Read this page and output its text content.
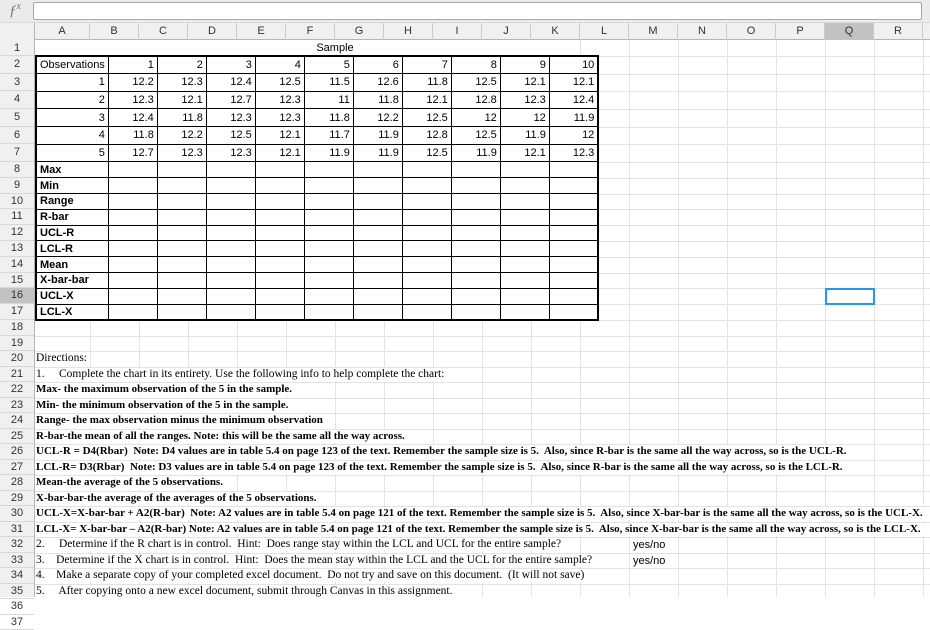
$ƒ^x$
A	B	C	D	E	F	G	H	I	J	K	L	M	N	O	P	Q	R
1
2
3
4
5
6
7
8
9
10
11
12
13
14
15
16
17
18
19
20
21
22
23
24
25
26
27
28
29
30
31
32
33
34
35
36
37
Sample
Observations	1	2	3	4	5	6	7	8	9	10
1	12.2	12.3	12.4	12.5	11.5	12.6	11.8	12.5	12.1	12.1
2	12.3	12.1	12.7	12.3	11	11.8	12.1	12.8	12.3	12.4
3	12.4	11.8	12.3	12.3	11.8	12.2	12.5	12	12	11.9
4	11.8	12.2	12.5	12.1	11.7	11.9	12.8	12.5	11.9	12
5	12.7	12.3	12.3	12.1	11.9	11.9	12.5	11.9	12.1	12.3
Max										
Min										
Range										
R-bar										
UCL-R										
LCL-R										
Mean										
X-bar-bar										
UCL-X										
LCL-X										
Directions:
1.     Complete the chart in its entirety. Use the following info to help complete the chart:
Max- the maximum observation of the 5 in the sample.
Min- the minimum observation of the 5 in the sample.
Range- the max observation minus the minimum observation
R-bar-the mean of all the ranges. Note: this will be the same all the way across.
UCL-R = D4(Rbar)  Note: D4 values are in table 5.4 on page 123 of the text. Remember the sample size is 5.  Also, since R-bar is the same all the way across, so is the UCL-R.
LCL-R= D3(Rbar)  Note: D3 values are in table 5.4 on page 123 of the text. Remember the sample size is 5.  Also, since R-bar is the same all the way across, so is the LCL-R.
Mean-the average of the 5 observations.
X-bar-bar-the average of the averages of the 5 observations.
UCL-X=X-bar-bar + A2(R-bar)  Note: A2 values are in table 5.4 on page 121 of the text. Remember the sample size is 5.  Also, since X-bar-bar is the same all the way across, so is the UCL-X.
LCL-X= X-bar-bar – A2(R-bar) Note: A2 values are in table 5.4 on page 121 of the text. Remember the sample size is 5.  Also, since X-bar-bar is the same all the way across, so is the LCL-X.
2.     Determine if the R chart is in control.  Hint:  Does range stay within the LCL and UCL for the entire sample?
3.    Determine if the X chart is in control.  Hint:  Does the mean stay within the LCL and the UCL for the entire sample?
4.    Make a separate copy of your completed excel document.  Do not try and save on this document.  (It will not save)
5.     After copying onto a new excel document, submit through Canvas in this assignment.
yes/no
yes/no
